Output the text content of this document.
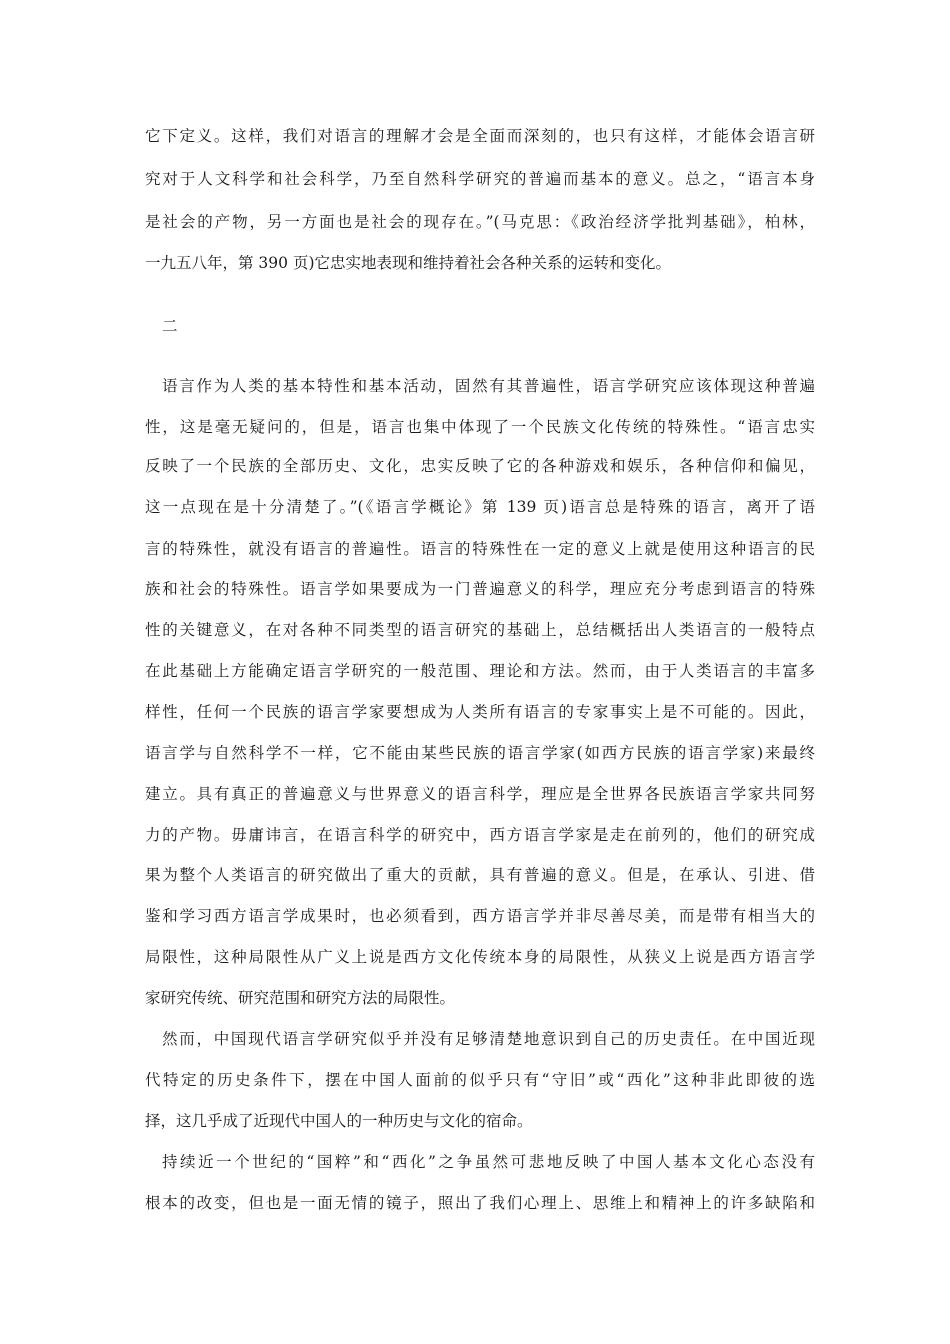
它下定义。这样，我们对语言的理解才会是全面而深刻的，也只有这样，才能体会语言研

究对于人文科学和社会科学，乃至自然科学研究的普遍而基本的意义。总之，“语言本身

是社会的产物，另一方面也是社会的现存在。”(马克思：《政治经济学批判基础》，柏林，

一九五八年，第 390 页)它忠实地表现和维持着社会各种关系的运转和变化。

二

语言作为人类的基本特性和基本活动，固然有其普遍性，语言学研究应该体现这种普遍

性，这是毫无疑问的，但是，语言也集中体现了一个民族文化传统的特殊性。“语言忠实

反映了一个民族的全部历史、文化，忠实反映了它的各种游戏和娱乐，各种信仰和偏见，

这一点现在是十分清楚了。”(《语言学概论》第 139 页)语言总是特殊的语言，离开了语

言的特殊性，就没有语言的普遍性。语言的特殊性在一定的意义上就是使用这种语言的民

族和社会的特殊性。语言学如果要成为一门普遍意义的科学，理应充分考虑到语言的特殊

性的关键意义，在对各种不同类型的语言研究的基础上，总结概括出人类语言的一般特点

在此基础上方能确定语言学研究的一般范围、理论和方法。然而，由于人类语言的丰富多

样性，任何一个民族的语言学家要想成为人类所有语言的专家事实上是不可能的。因此，

语言学与自然科学不一样，它不能由某些民族的语言学家(如西方民族的语言学家)来最终

建立。具有真正的普遍意义与世界意义的语言科学，理应是全世界各民族语言学家共同努

力的产物。毋庸讳言，在语言科学的研究中，西方语言学家是走在前列的，他们的研究成

果为整个人类语言的研究做出了重大的贡献，具有普遍的意义。但是，在承认、引进、借

鉴和学习西方语言学成果时，也必须看到，西方语言学并非尽善尽美，而是带有相当大的

局限性，这种局限性从广义上说是西方文化传统本身的局限性，从狭义上说是西方语言学

家研究传统、研究范围和研究方法的局限性。

然而，中国现代语言学研究似乎并没有足够清楚地意识到自己的历史责任。在中国近现

代特定的历史条件下，摆在中国人面前的似乎只有“守旧”或“西化”这种非此即彼的选

择，这几乎成了近现代中国人的一种历史与文化的宿命。

持续近一个世纪的“国粹”和“西化”之争虽然可悲地反映了中国人基本文化心态没有

根本的改变，但也是一面无情的镜子，照出了我们心理上、思维上和精神上的许多缺陷和
